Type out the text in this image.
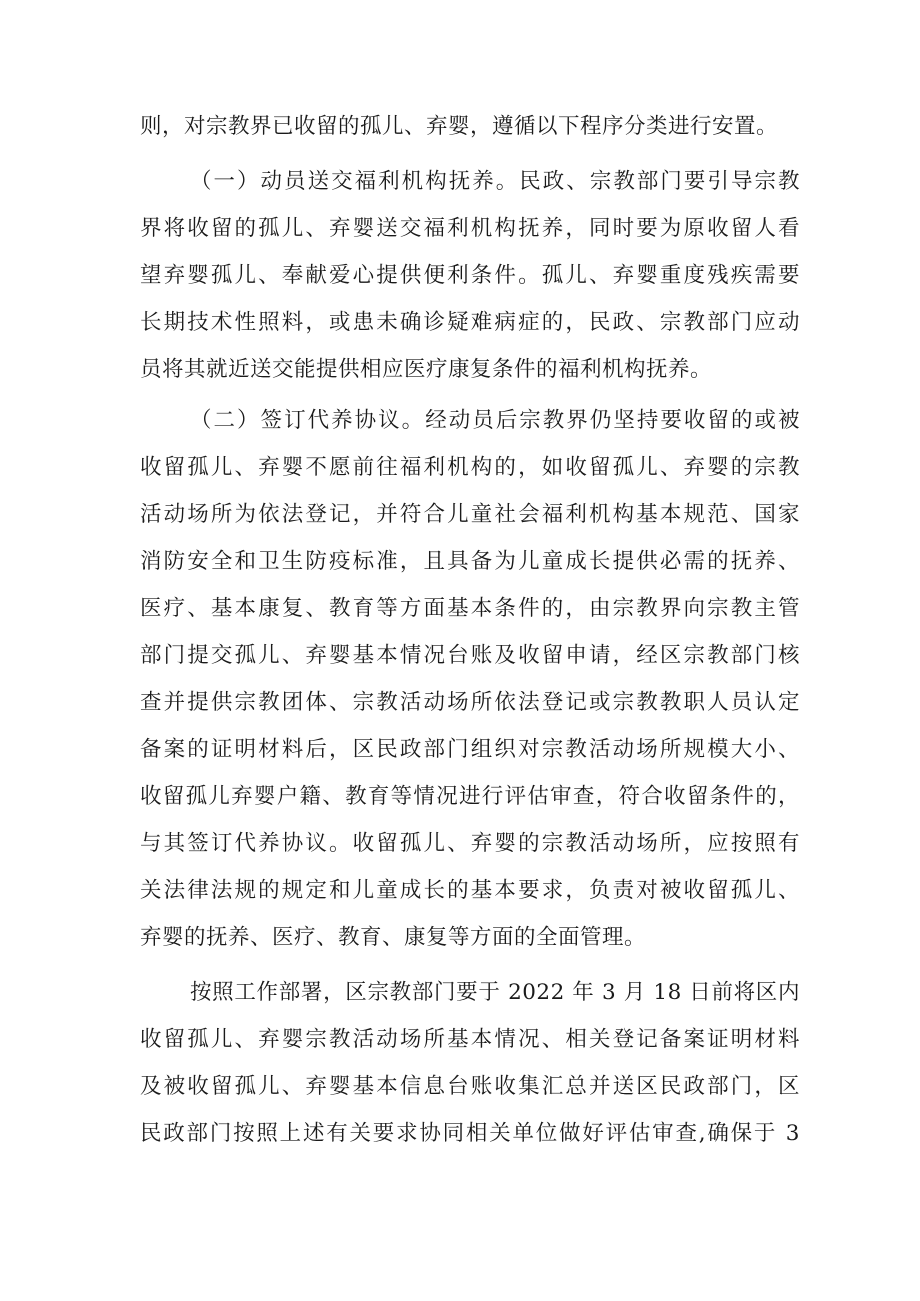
则，对宗教界已收留的孤儿、弃婴，遵循以下程序分类进行安置。
（一）动员送交福利机构抚养。民政、宗教部门要引导宗教
界将收留的孤儿、弃婴送交福利机构抚养，同时要为原收留人看
望弃婴孤儿、奉献爱心提供便利条件。孤儿、弃婴重度残疾需要
长期技术性照料，或患未确诊疑难病症的，民政、宗教部门应动
员将其就近送交能提供相应医疗康复条件的福利机构抚养。
（二）签订代养协议。经动员后宗教界仍坚持要收留的或被
收留孤儿、弃婴不愿前往福利机构的，如收留孤儿、弃婴的宗教
活动场所为依法登记，并符合儿童社会福利机构基本规范、国家
消防安全和卫生防疫标准，且具备为儿童成长提供必需的抚养、
医疗、基本康复、教育等方面基本条件的，由宗教界向宗教主管
部门提交孤儿、弃婴基本情况台账及收留申请，经区宗教部门核
查并提供宗教团体、宗教活动场所依法登记或宗教教职人员认定
备案的证明材料后，区民政部门组织对宗教活动场所规模大小、
收留孤儿弃婴户籍、教育等情况进行评估审查，符合收留条件的，
与其签订代养协议。收留孤儿、弃婴的宗教活动场所，应按照有
关法律法规的规定和儿童成长的基本要求，负责对被收留孤儿、
弃婴的抚养、医疗、教育、康复等方面的全面管理。
按照工作部署，区宗教部门要于 2022 年 3 月 18 日前将区内
收留孤儿、弃婴宗教活动场所基本情况、相关登记备案证明材料
及被收留孤儿、弃婴基本信息台账收集汇总并送区民政部门，区
民政部门按照上述有关要求协同相关单位做好评估审查,确保于 3
